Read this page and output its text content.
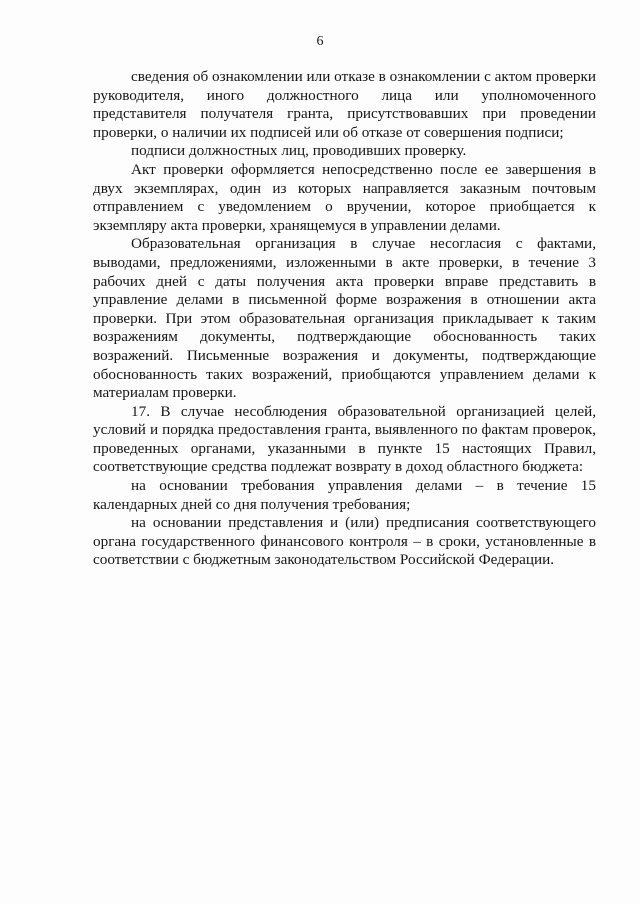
6

сведения об ознакомлении или отказе в ознакомлении с актом проверки руководителя, иного должностного лица или уполномоченного представителя получателя гранта, присутствовавших при проведении проверки, о наличии их подписей или об отказе от совершения подписи;

подписи должностных лиц, проводивших проверку.

Акт проверки оформляется непосредственно после ее завершения в двух экземплярах, один из которых направляется заказным почтовым отправлением с уведомлением о вручении, которое приобщается к экземпляру акта проверки, хранящемуся в управлении делами.

Образовательная организация в случае несогласия с фактами, выводами, предложениями, изложенными в акте проверки, в течение 3 рабочих дней с даты получения акта проверки вправе представить в управление делами в письменной форме возражения в отношении акта проверки. При этом образовательная организация прикладывает к таким возражениям документы, подтверждающие обоснованность таких возражений. Письменные возражения и документы, подтверждающие обоснованность таких возражений, приобщаются управлением делами к материалам проверки.

17. В случае несоблюдения образовательной организацией целей, условий и порядка предоставления гранта, выявленного по фактам проверок, проведенных органами, указанными в пункте 15 настоящих Правил, соответствующие средства подлежат возврату в доход областного бюджета:

на основании требования управления делами – в течение 15 календарных дней со дня получения требования;

на основании представления и (или) предписания соответствующего органа государственного финансового контроля – в сроки, установленные в соответствии с бюджетным законодательством Российской Федерации.
